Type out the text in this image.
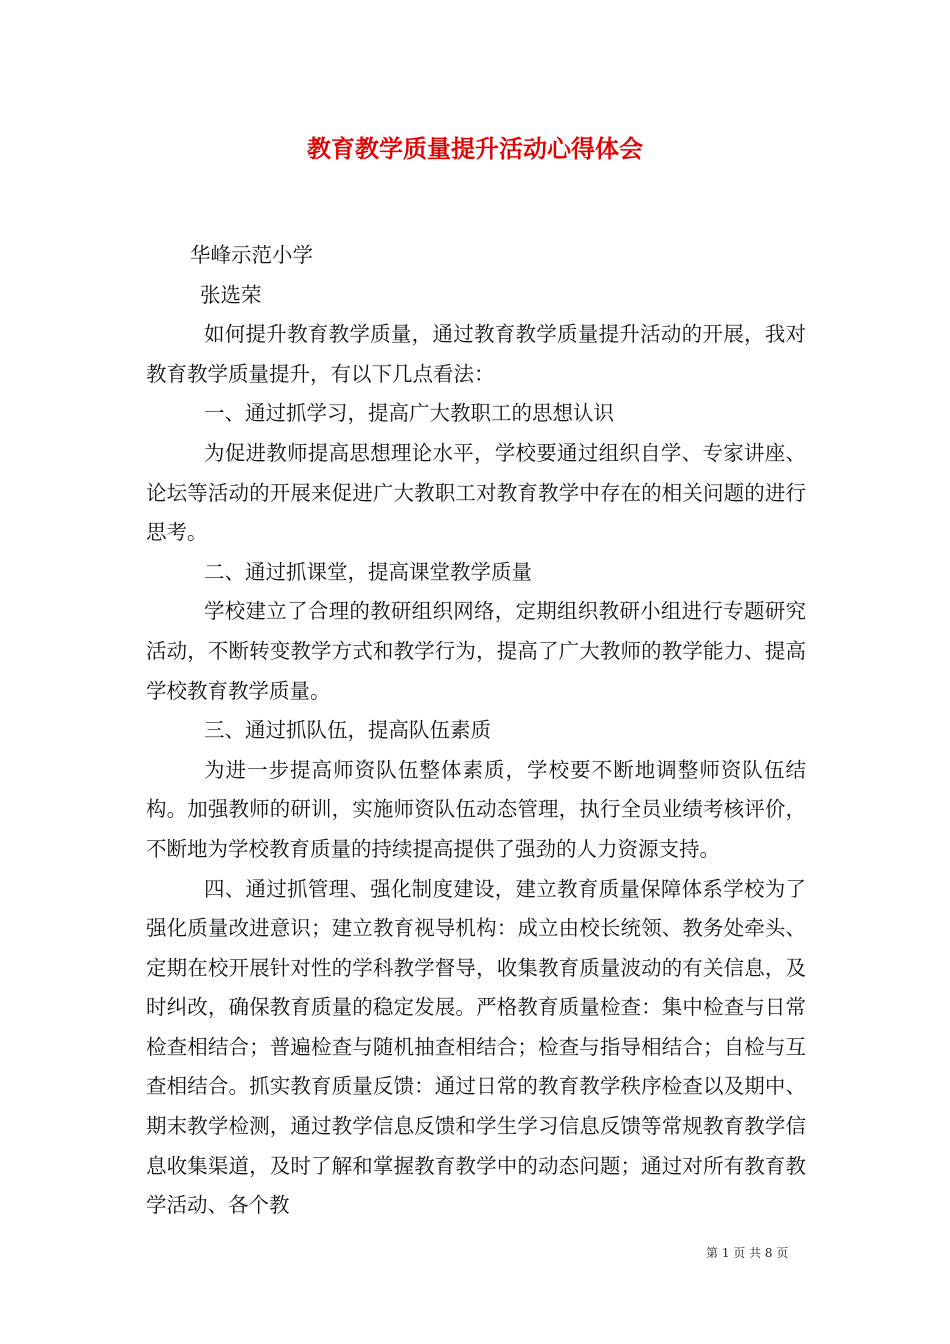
教育教学质量提升活动心得体会

华峰示范小学

张选荣

如何提升教育教学质量，通过教育教学质量提升活动的开展，我对教育教学质量提升，有以下几点看法：

一、通过抓学习，提高广大教职工的思想认识

为促进教师提高思想理论水平，学校要通过组织自学、专家讲座、论坛等活动的开展来促进广大教职工对教育教学中存在的相关问题的进行思考。

二、通过抓课堂，提高课堂教学质量

学校建立了合理的教研组织网络，定期组织教研小组进行专题研究活动，不断转变教学方式和教学行为，提高了广大教师的教学能力、提高学校教育教学质量。

三、通过抓队伍，提高队伍素质

为进一步提高师资队伍整体素质，学校要不断地调整师资队伍结构。加强教师的研训，实施师资队伍动态管理，执行全员业绩考核评价，不断地为学校教育质量的持续提高提供了强劲的人力资源支持。

四、通过抓管理、强化制度建设，建立教育质量保障体系学校为了强化质量改进意识；建立教育视导机构：成立由校长统领、教务处牵头、定期在校开展针对性的学科教学督导，收集教育质量波动的有关信息，及时纠改，确保教育质量的稳定发展。严格教育质量检查：集中检查与日常检查相结合；普遍检查与随机抽查相结合；检查与指导相结合；自检与互查相结合。抓实教育质量反馈：通过日常的教育教学秩序检查以及期中、期末教学检测，通过教学信息反馈和学生学习信息反馈等常规教育教学信息收集渠道，及时了解和掌握教育教学中的动态问题；通过对所有教育教学活动、各个教

第 1 页 共 8 页
